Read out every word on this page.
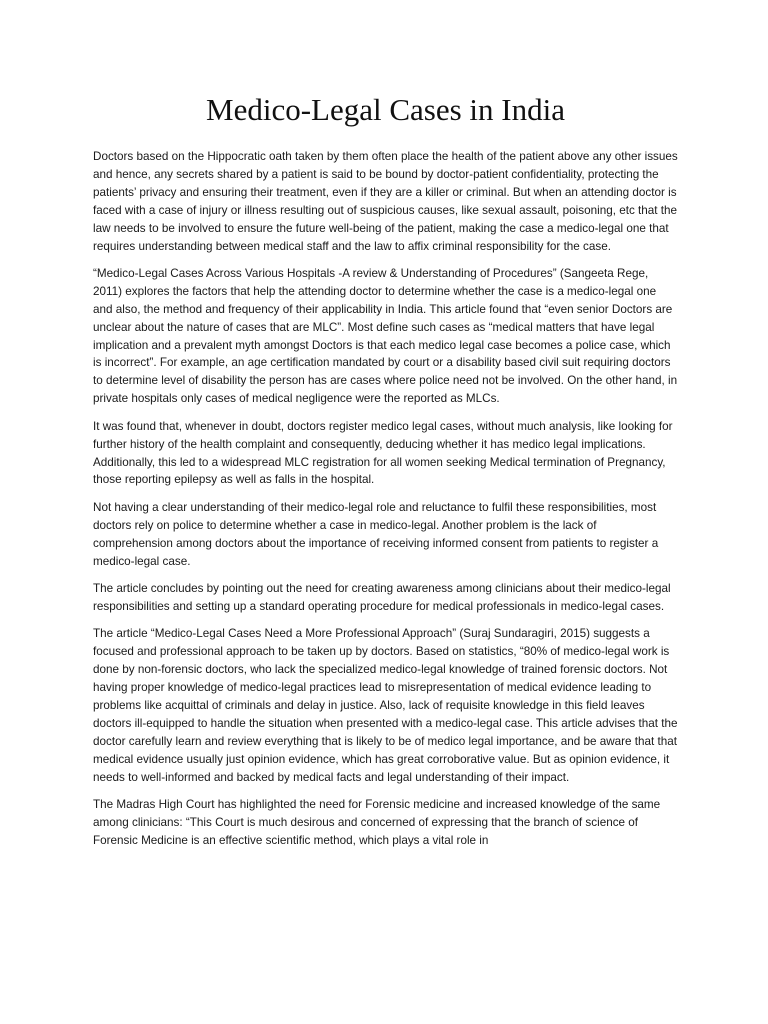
Medico-Legal Cases in India

Doctors based on the Hippocratic oath taken by them often place the health of the patient above any other issues and hence, any secrets shared by a patient is said to be bound by doctor-patient confidentiality, protecting the patients’ privacy and ensuring their treatment, even if they are a killer or criminal. But when an attending doctor is faced with a case of injury or illness resulting out of suspicious causes, like sexual assault, poisoning, etc that the law needs to be involved to ensure the future well-being of the patient, making the case a medico-legal one that requires understanding between medical staff and the law to affix criminal responsibility for the case.

“Medico-Legal Cases Across Various Hospitals -A review & Understanding of Procedures” (Sangeeta Rege, 2011) explores the factors that help the attending doctor to determine whether the case is a medico-legal one and also, the method and frequency of their applicability in India. This article found that “even senior Doctors are unclear about the nature of cases that are MLC”. Most define such cases as “medical matters that have legal implication and a prevalent myth amongst Doctors is that each medico legal case becomes a police case, which is incorrect”. For example, an age certification mandated by court or a disability based civil suit requiring doctors to determine level of disability the person has are cases where police need not be involved. On the other hand, in private hospitals only cases of medical negligence were the reported as MLCs.

It was found that, whenever in doubt, doctors register medico legal cases, without much analysis, like looking for further history of the health complaint and consequently, deducing whether it has medico legal implications. Additionally, this led to a widespread MLC registration for all women seeking Medical termination of Pregnancy, those reporting epilepsy as well as falls in the hospital.

Not having a clear understanding of their medico-legal role and reluctance to fulfil these responsibilities, most doctors rely on police to determine whether a case in medico-legal. Another problem is the lack of comprehension among doctors about the importance of receiving informed consent from patients to register a medico-legal case.

The article concludes by pointing out the need for creating awareness among clinicians about their medico-legal responsibilities and setting up a standard operating procedure for medical professionals in medico-legal cases.

The article “Medico-Legal Cases Need a More Professional Approach” (Suraj Sundaragiri, 2015) suggests a focused and professional approach to be taken up by doctors. Based on statistics, “80% of medico-legal work is done by non-forensic doctors, who lack the specialized medico-legal knowledge of trained forensic doctors. Not having proper knowledge of medico-legal practices lead to misrepresentation of medical evidence leading to problems like acquittal of criminals and delay in justice. Also, lack of requisite knowledge in this field leaves doctors ill-equipped to handle the situation when presented with a medico-legal case. This article advises that the doctor carefully learn and review everything that is likely to be of medico legal importance, and be aware that that medical evidence usually just opinion evidence, which has great corroborative value. But as opinion evidence, it needs to well-informed and backed by medical facts and legal understanding of their impact.

The Madras High Court has highlighted the need for Forensic medicine and increased knowledge of the same among clinicians: “This Court is much desirous and concerned of expressing that the branch of science of Forensic Medicine is an effective scientific method, which plays a vital role in
